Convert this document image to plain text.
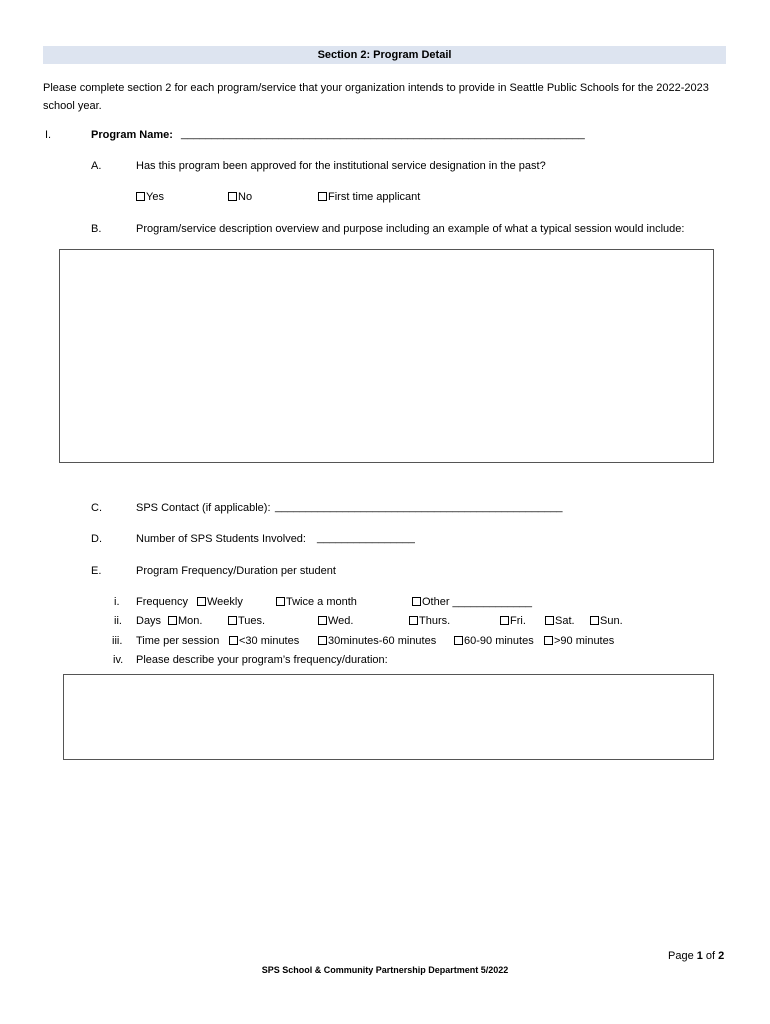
Section 2: Program Detail
Please complete section 2 for each program/service that your organization intends to provide in Seattle Public Schools for the 2022-2023 school year.
I.	Program Name: __________________________________________________________________
A.	Has this program been approved for the institutional service designation in the past?
Yes	No	First time applicant
B.	Program/service description overview and purpose including an example of what a typical session would include:
C.	SPS Contact (if applicable): _______________________________________________
D.	Number of SPS Students Involved: ________________
E.	Program Frequency/Duration per student
i. Frequency	Weekly	Twice a month	Other _____________
ii. Days	Mon.	Tues.	Wed.	Thurs.	Fri.	Sat.	Sun.
iii. Time per session	<30 minutes	30minutes-60 minutes	60-90 minutes	>90 minutes
iv. Please describe your program’s frequency/duration:
Page 1 of 2
SPS School & Community Partnership Department 5/2022
